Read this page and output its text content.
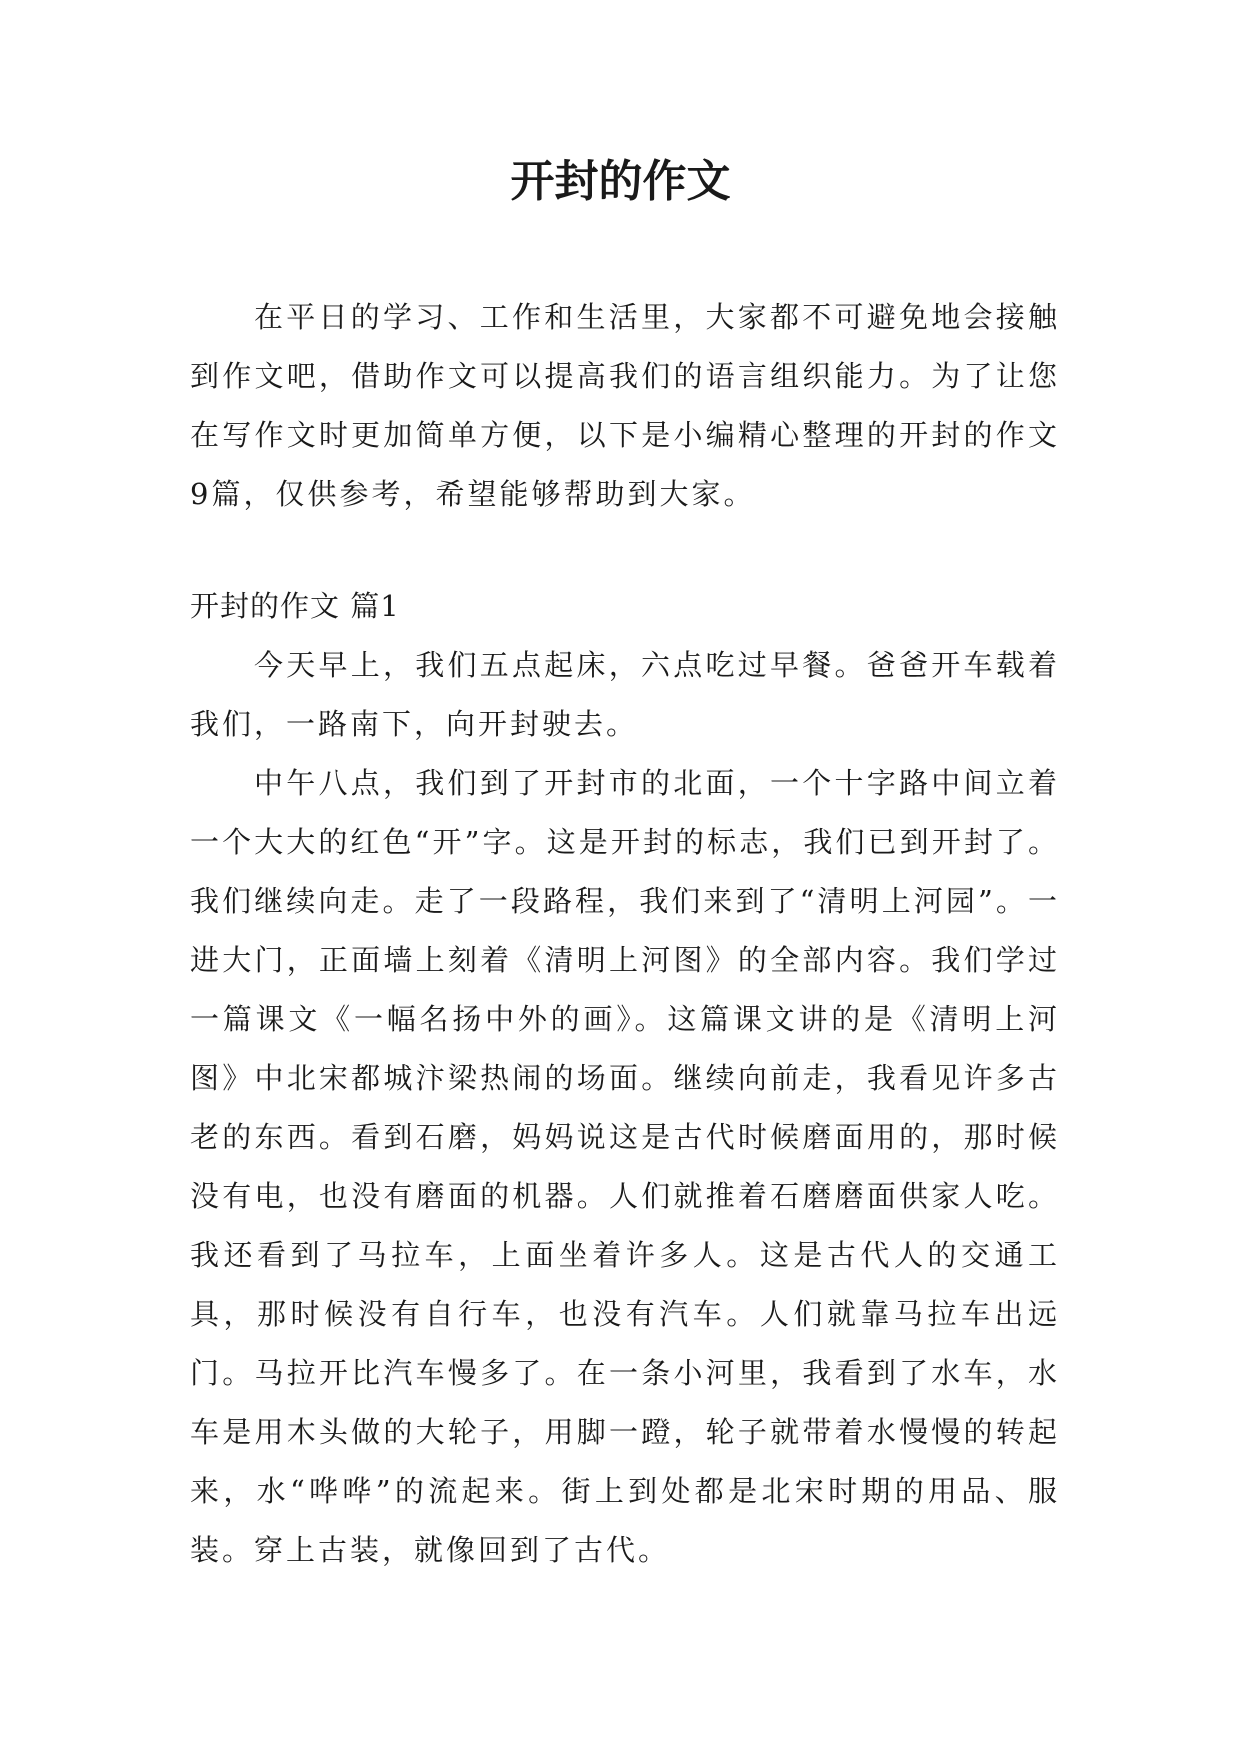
开封的作文

在平日的学习、工作和生活里，大家都不可避免地会接触到作文吧，借助作文可以提高我们的语言组织能力。为了让您在写作文时更加简单方便，以下是小编精心整理的开封的作文9篇，仅供参考，希望能够帮助到大家。

开封的作文 篇1

今天早上，我们五点起床，六点吃过早餐。爸爸开车载着我们，一路南下，向开封驶去。

中午八点，我们到了开封市的北面，一个十字路中间立着一个大大的红色“开”字。这是开封的标志，我们已到开封了。我们继续向走。走了一段路程，我们来到了“清明上河园”。一进大门，正面墙上刻着《清明上河图》的全部内容。我们学过一篇课文《一幅名扬中外的画》。这篇课文讲的是《清明上河图》中北宋都城汴梁热闹的场面。继续向前走，我看见许多古老的东西。看到石磨，妈妈说这是古代时候磨面用的，那时候没有电，也没有磨面的机器。人们就推着石磨磨面供家人吃。我还看到了马拉车，上面坐着许多人。这是古代人的交通工具，那时候没有自行车，也没有汽车。人们就靠马拉车出远门。马拉开比汽车慢多了。在一条小河里，我看到了水车，水车是用木头做的大轮子，用脚一蹬，轮子就带着水慢慢的转起来，水“哗哗”的流起来。街上到处都是北宋时期的用品、服装。穿上古装，就像回到了古代。
